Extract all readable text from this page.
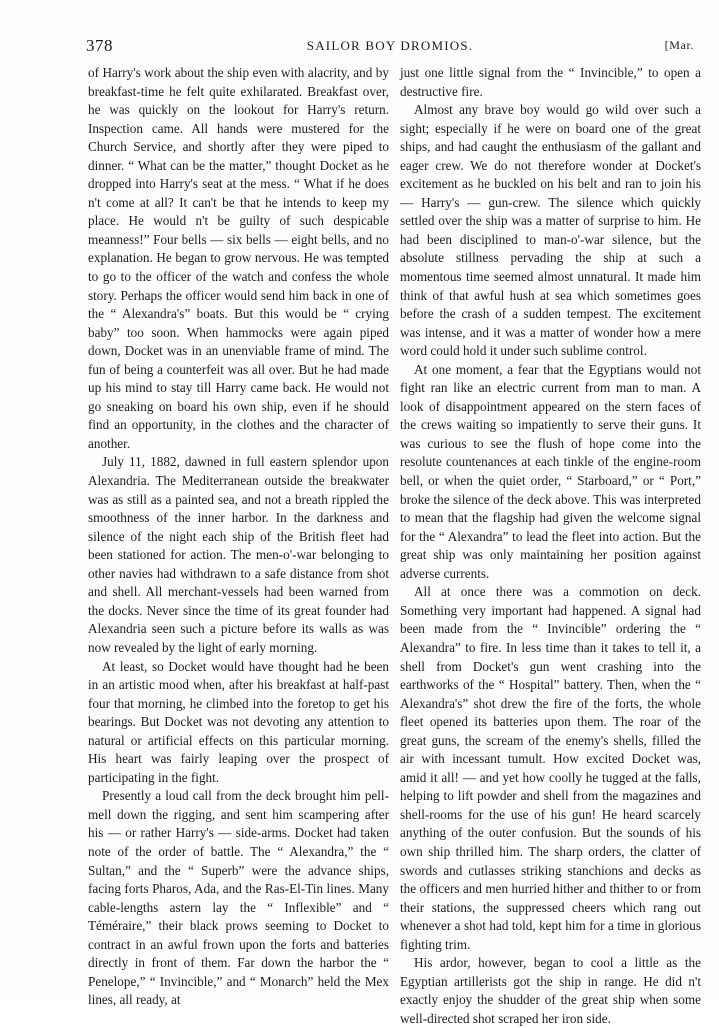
378	SAILOR BOY DROMIOS.	[Mar.

of Harry's work about the ship even with alacrity, and by breakfast-time he felt quite exhilarated. Breakfast over, he was quickly on the lookout for Harry's return. Inspection came. All hands were mustered for the Church Service, and shortly after they were piped to dinner. “ What can be the matter,” thought Docket as he dropped into Harry's seat at the mess. “ What if he does n't come at all? It can't be that he intends to keep my place. He would n't be guilty of such despicable meanness!” Four bells — six bells — eight bells, and no explanation. He began to grow nervous. He was tempted to go to the officer of the watch and confess the whole story. Perhaps the officer would send him back in one of the “ Alexandra's” boats. But this would be “ crying baby” too soon. When hammocks were again piped down, Docket was in an unenviable frame of mind. The fun of being a counterfeit was all over. But he had made up his mind to stay till Harry came back. He would not go sneaking on board his own ship, even if he should find an opportunity, in the clothes and the character of another.

July 11, 1882, dawned in full eastern splendor upon Alexandria. The Mediterranean outside the breakwater was as still as a painted sea, and not a breath rippled the smoothness of the inner harbor. In the darkness and silence of the night each ship of the British fleet had been stationed for action. The men-o'-war belonging to other navies had withdrawn to a safe distance from shot and shell. All merchant-vessels had been warned from the docks. Never since the time of its great founder had Alexandria seen such a picture before its walls as was now revealed by the light of early morning.

At least, so Docket would have thought had he been in an artistic mood when, after his breakfast at half-past four that morning, he climbed into the foretop to get his bearings. But Docket was not devoting any attention to natural or artificial effects on this particular morning. His heart was fairly leaping over the prospect of participating in the fight.

Presently a loud call from the deck brought him pell-mell down the rigging, and sent him scampering after his — or rather Harry's — side-arms. Docket had taken note of the order of battle. The “ Alexandra,” the “ Sultan,” and the “ Superb” were the advance ships, facing forts Pharos, Ada, and the Ras-El-Tin lines. Many cable-lengths astern lay the “ Inflexible” and “ Téméraire,” their black prows seeming to Docket to contract in an awful frown upon the forts and batteries directly in front of them. Far down the harbor the “ Penelope,” “ Invincible,” and “ Monarch” held the Mex lines, all ready, at

just one little signal from the “ Invincible,” to open a destructive fire.

Almost any brave boy would go wild over such a sight; especially if he were on board one of the great ships, and had caught the enthusiasm of the gallant and eager crew. We do not therefore wonder at Docket's excitement as he buckled on his belt and ran to join his — Harry's — gun-crew. The silence which quickly settled over the ship was a matter of surprise to him. He had been disciplined to man-o'-war silence, but the absolute stillness pervading the ship at such a momentous time seemed almost unnatural. It made him think of that awful hush at sea which sometimes goes before the crash of a sudden tempest. The excitement was intense, and it was a matter of wonder how a mere word could hold it under such sublime control.

At one moment, a fear that the Egyptians would not fight ran like an electric current from man to man. A look of disappointment appeared on the stern faces of the crews waiting so impatiently to serve their guns. It was curious to see the flush of hope come into the resolute countenances at each tinkle of the engine-room bell, or when the quiet order, “ Starboard,” or “ Port,” broke the silence of the deck above. This was interpreted to mean that the flagship had given the welcome signal for the “ Alexandra” to lead the fleet into action. But the great ship was only maintaining her position against adverse currents.

All at once there was a commotion on deck. Something very important had happened. A signal had been made from the “ Invincible” ordering the “ Alexandra” to fire. In less time than it takes to tell it, a shell from Docket's gun went crashing into the earthworks of the “ Hospital” battery. Then, when the “ Alexandra's” shot drew the fire of the forts, the whole fleet opened its batteries upon them. The roar of the great guns, the scream of the enemy's shells, filled the air with incessant tumult. How excited Docket was, amid it all! — and yet how coolly he tugged at the falls, helping to lift powder and shell from the magazines and shell-rooms for the use of his gun! He heard scarcely anything of the outer confusion. But the sounds of his own ship thrilled him. The sharp orders, the clatter of swords and cutlasses striking stanchions and decks as the officers and men hurried hither and thither to or from their stations, the suppressed cheers which rang out whenever a shot had told, kept him for a time in glorious fighting trim.

His ardor, however, began to cool a little as the Egyptian artillerists got the ship in range. He did n't exactly enjoy the shudder of the great ship when some well-directed shot scraped her iron side.
